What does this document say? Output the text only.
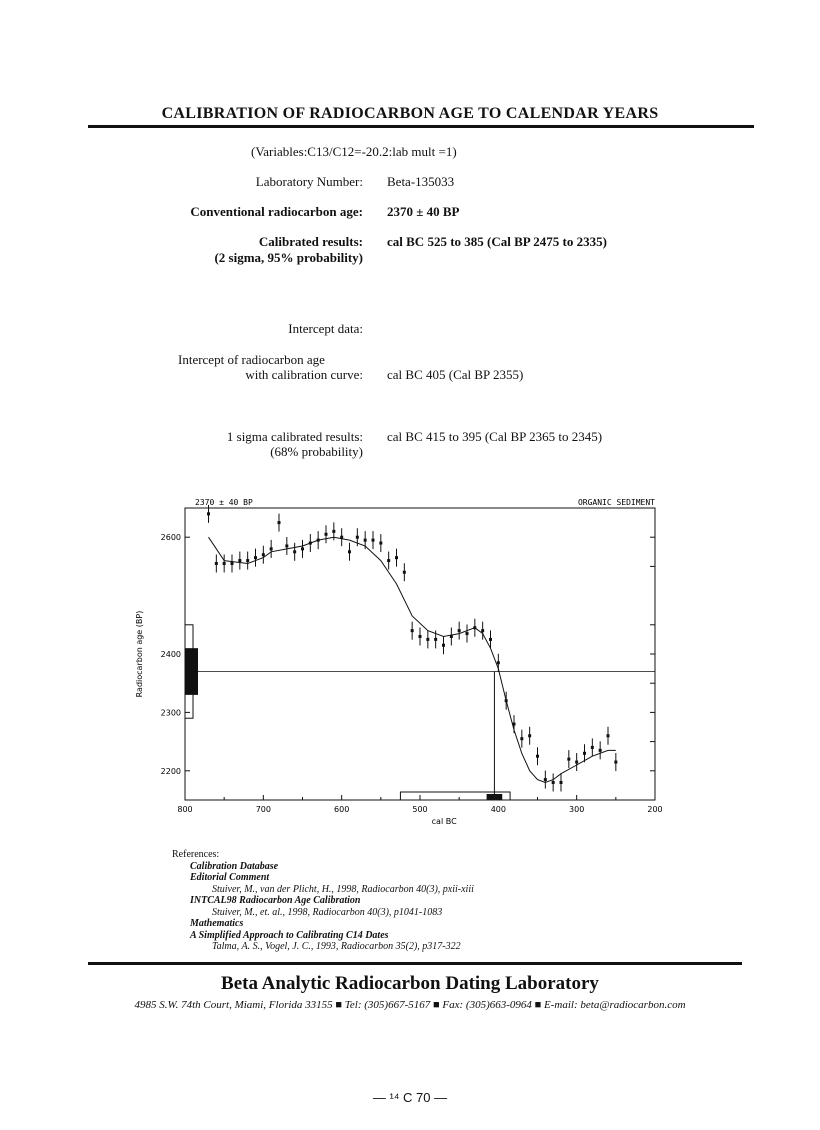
CALIBRATION OF RADIOCARBON AGE TO CALENDAR YEARS
(Variables:C13/C12=-20.2:lab mult =1)
Laboratory Number: Beta-135033
Conventional radiocarbon age: 2370 ± 40 BP
Calibrated results:
(2 sigma, 95% probability)
cal BC 525 to 385 (Cal BP 2475 to 2335)
Intercept data:
Intercept of radiocarbon age
with calibration curve: cal BC 405 (Cal BP 2355)
1 sigma calibrated results:
(68% probability)
cal BC 415 to 395 (Cal BP 2365 to 2345)
2370 ± 40 BP	ORGANIC SEDIMENT
800	700	600	500	400	300	200
cal BC
2600
2400
2300
2200
Radiocarbon age (BP)
References:
Calibration Database
Editorial Comment
Stuiver, M., van der Plicht, H., 1998, Radiocarbon 40(3), pxii-xiii
INTCAL98 Radiocarbon Age Calibration
Stuiver, M., et. al., 1998, Radiocarbon 40(3), p1041-1083
Mathematics
A Simplified Approach to Calibrating C14 Dates
Talma, A. S., Vogel, J. C., 1993, Radiocarbon 35(2), p317-322
Beta Analytic Radiocarbon Dating Laboratory
4985 S.W. 74th Court, Miami, Florida 33155 ■ Tel: (305)667-5167 ■ Fax: (305)663-0964 ■ E-mail: beta@radiocarbon.com
— ¹⁴ C 70 —
